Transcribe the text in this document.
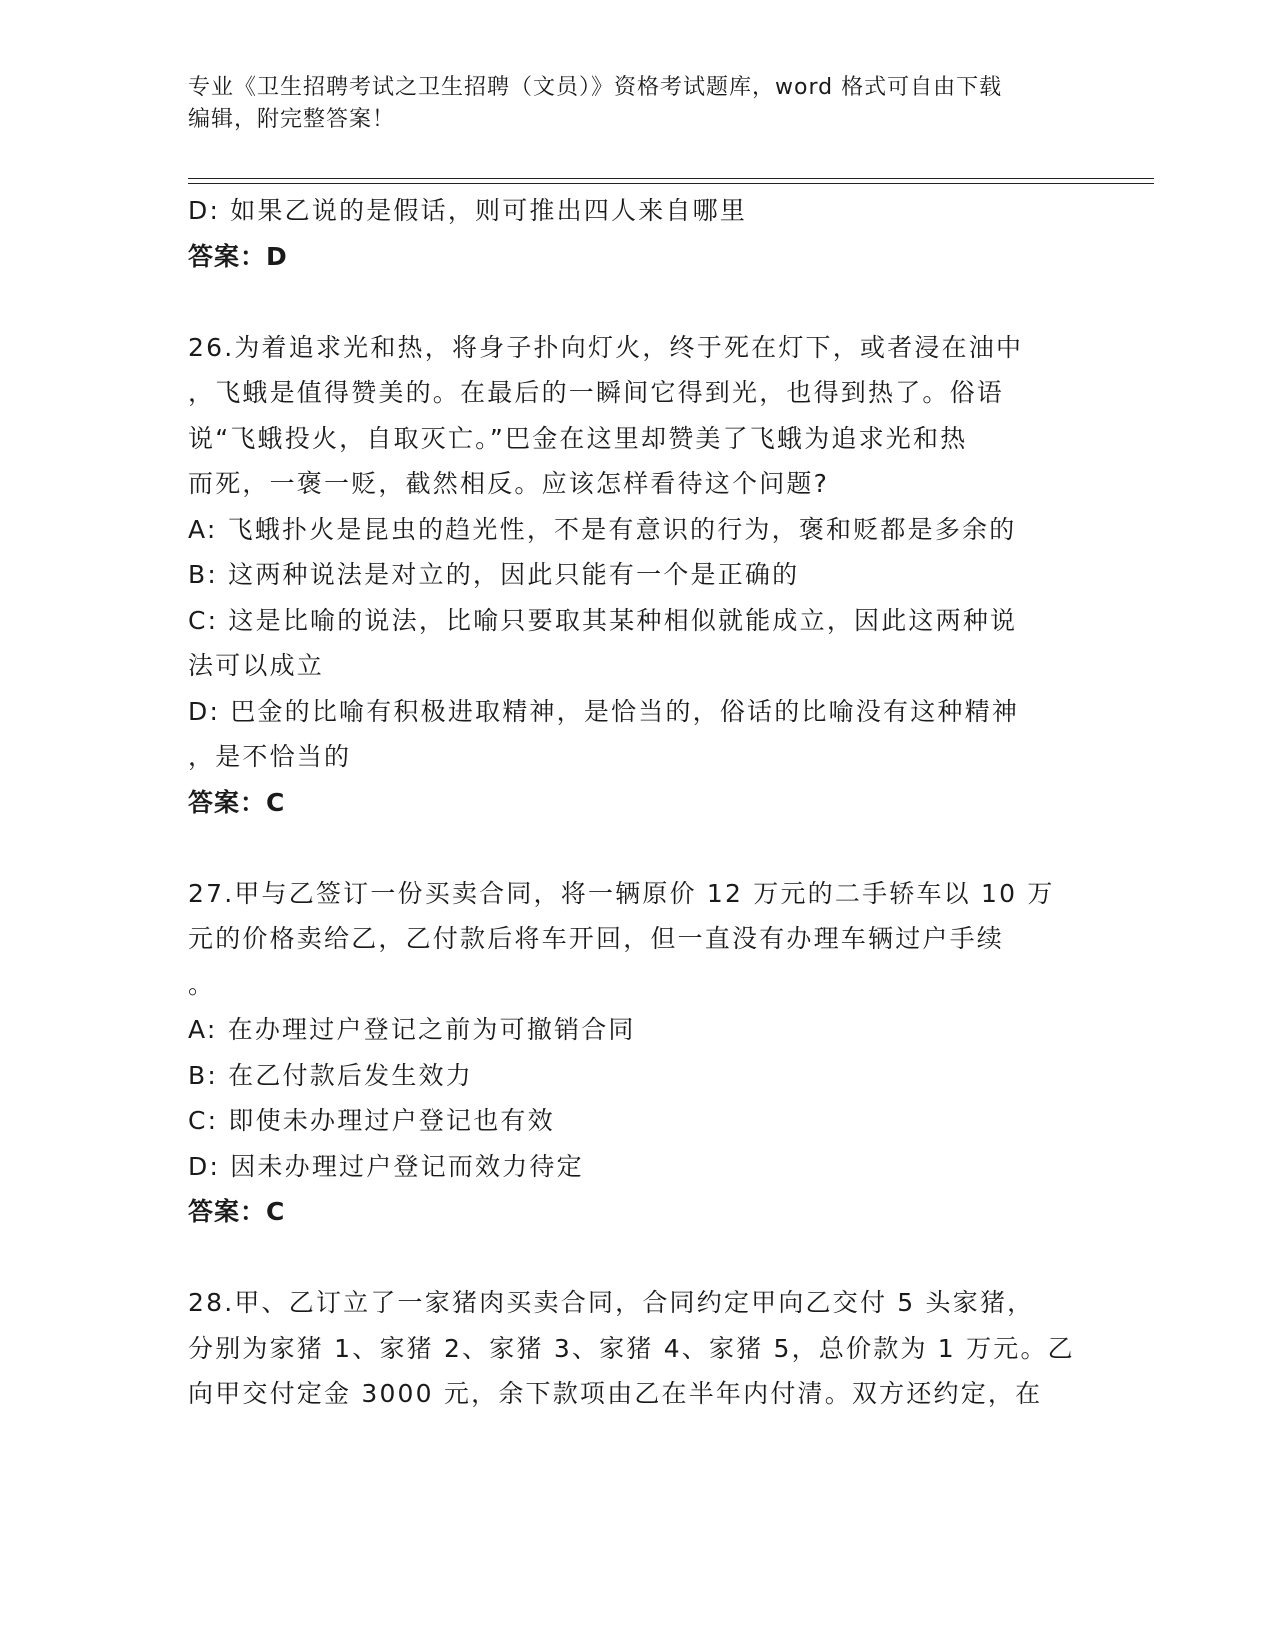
专业《卫生招聘考试之卫生招聘（文员）》资格考试题库，word 格式可自由下载
编辑，附完整答案！
D: 如果乙说的是假话，则可推出四人来自哪里
答案：D
26.为着追求光和热，将身子扑向灯火，终于死在灯下，或者浸在油中
，飞蛾是值得赞美的。在最后的一瞬间它得到光，也得到热了。俗语
说“飞蛾投火，自取灭亡。”巴金在这里却赞美了飞蛾为追求光和热
而死，一褒一贬，截然相反。应该怎样看待这个问题?
A: 飞蛾扑火是昆虫的趋光性，不是有意识的行为，褒和贬都是多余的
B: 这两种说法是对立的，因此只能有一个是正确的
C: 这是比喻的说法，比喻只要取其某种相似就能成立，因此这两种说
法可以成立
D: 巴金的比喻有积极进取精神，是恰当的，俗话的比喻没有这种精神
，是不恰当的
答案：C
27.甲与乙签订一份买卖合同，将一辆原价 12 万元的二手轿车以 10 万
元的价格卖给乙，乙付款后将车开回，但一直没有办理车辆过户手续
。
A: 在办理过户登记之前为可撤销合同
B: 在乙付款后发生效力
C: 即使未办理过户登记也有效
D: 因未办理过户登记而效力待定
答案：C
28.甲、乙订立了一家猪肉买卖合同，合同约定甲向乙交付 5 头家猪，
分别为家猪 1、家猪 2、家猪 3、家猪 4、家猪 5，总价款为 1 万元。乙
向甲交付定金 3000 元，余下款项由乙在半年内付清。双方还约定，在
